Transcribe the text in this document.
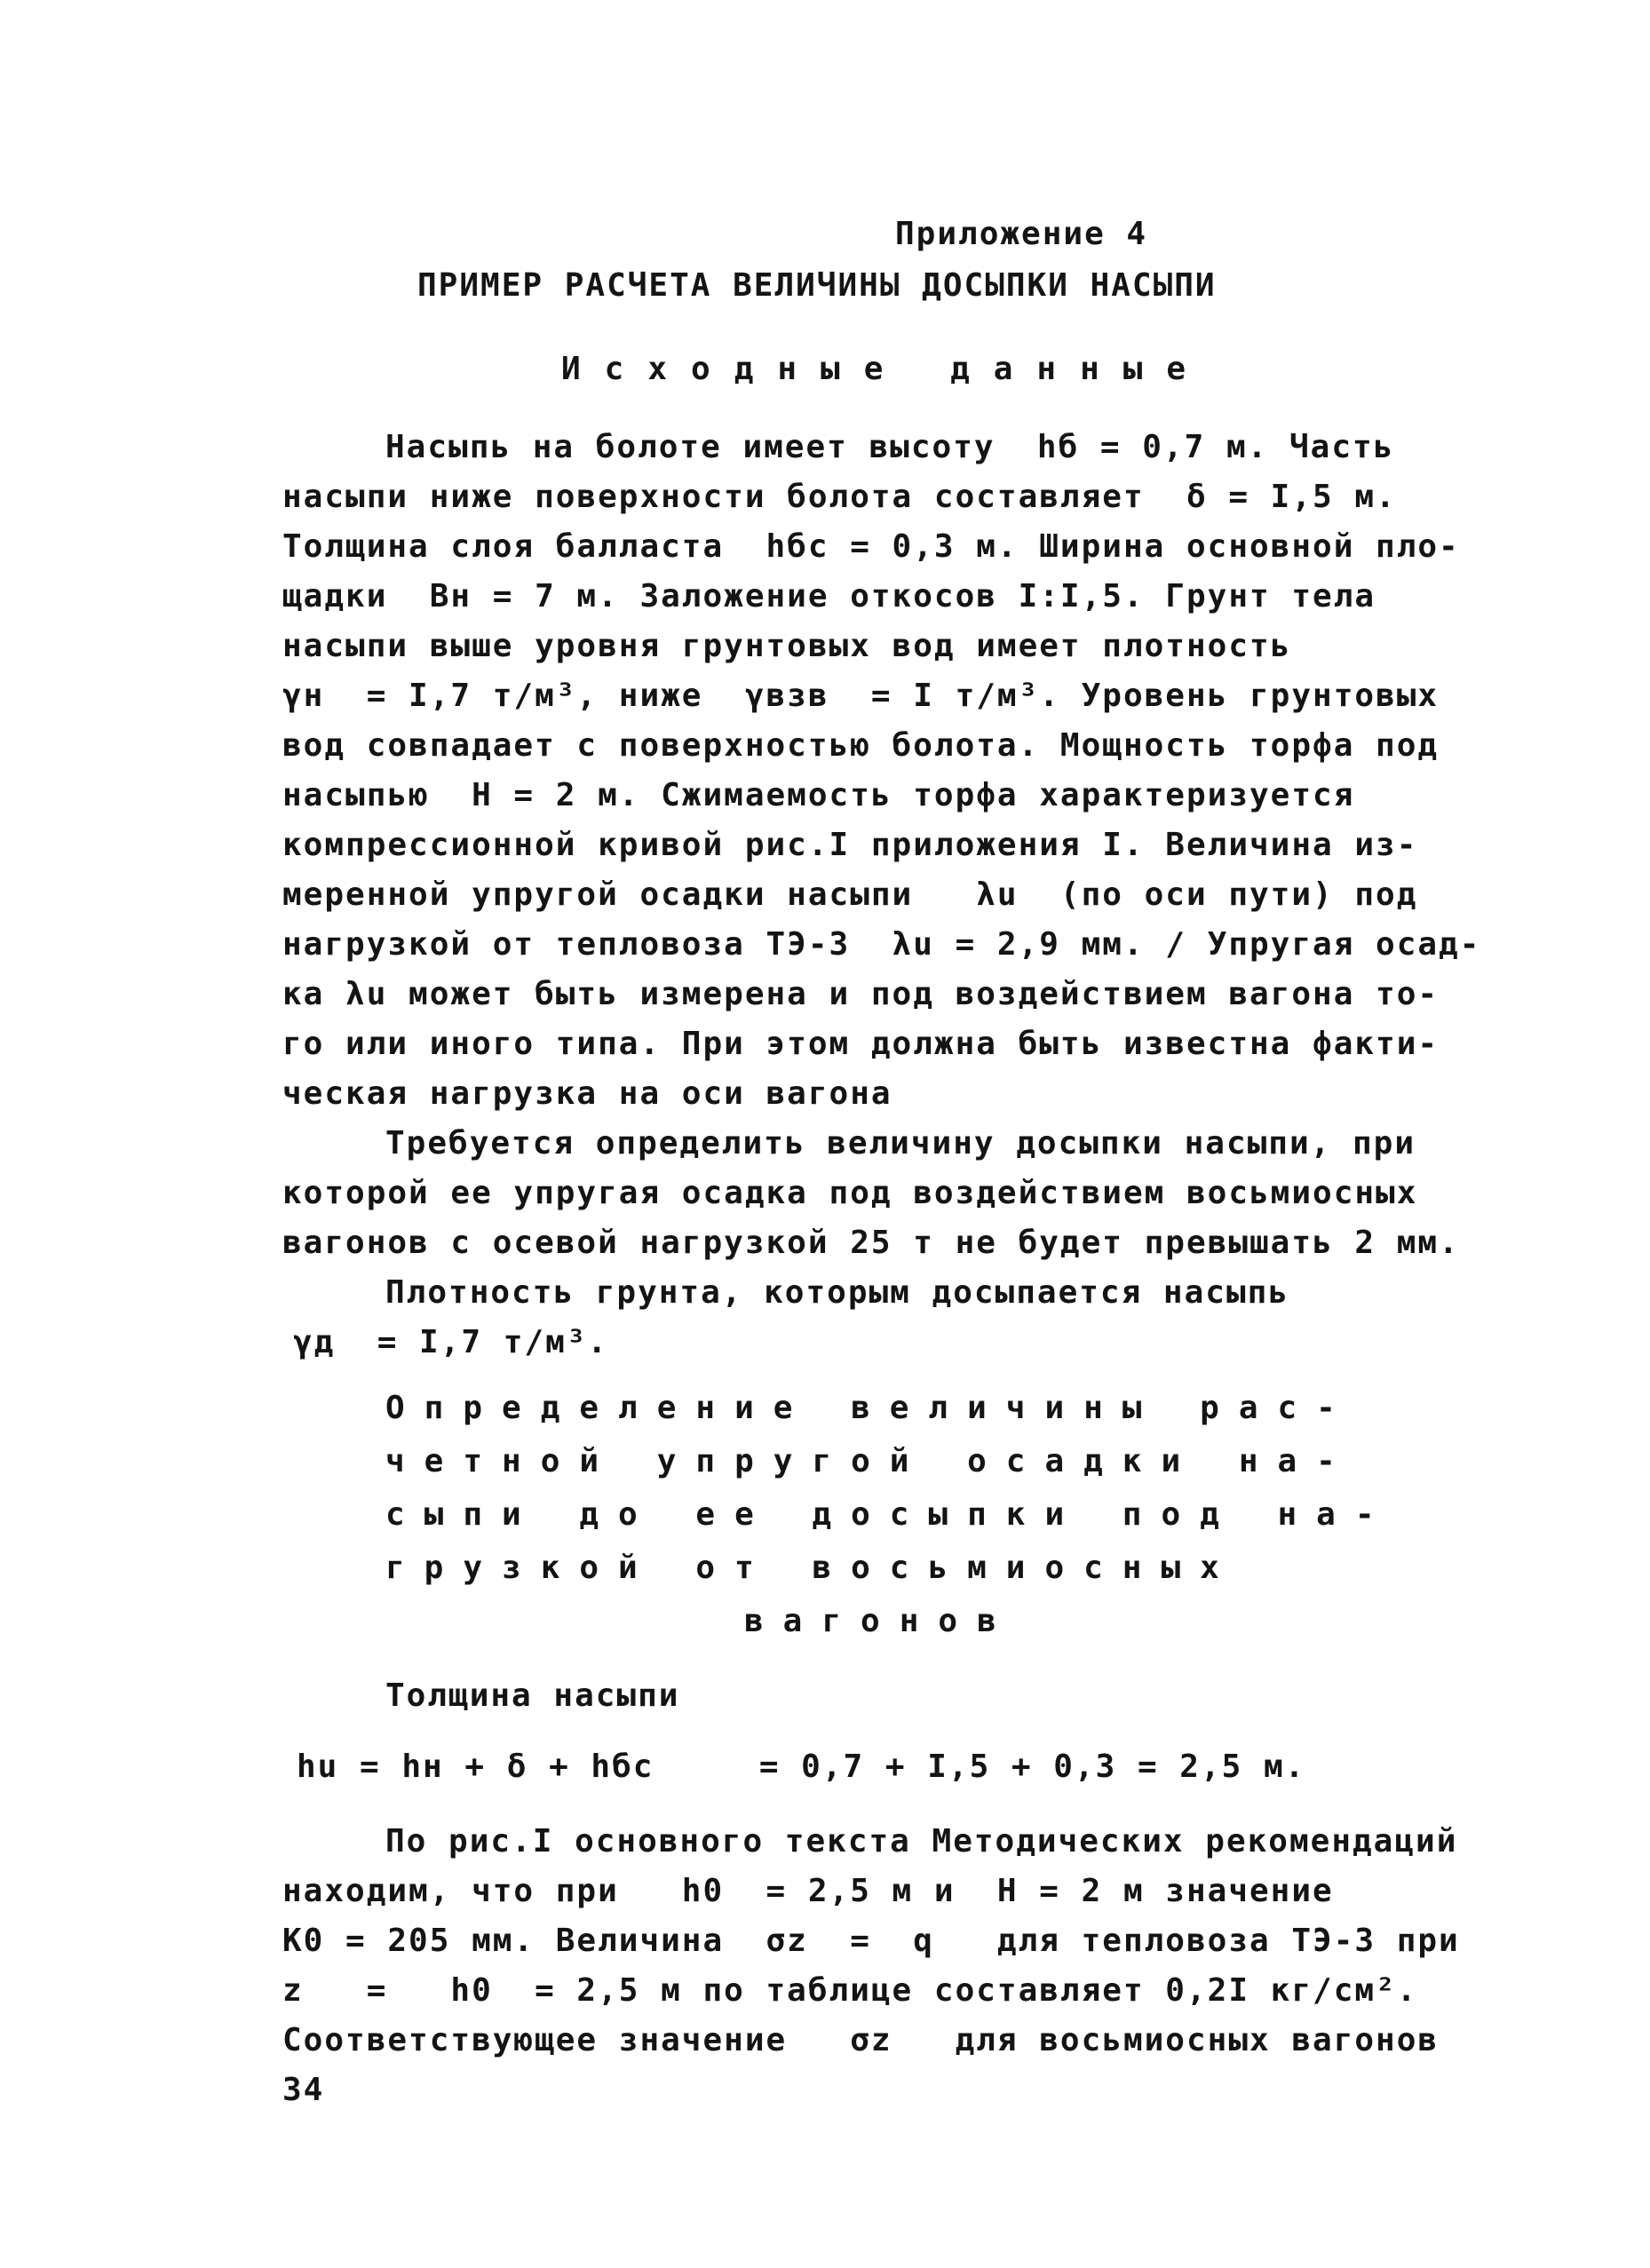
Приложение 4
ПРИМЕР РАСЧЕТА ВЕЛИЧИНЫ ДОСЫПКИ НАСЫПИ
Исходные данные
Насыпь на болоте имеет высоту  hб = 0,7 м. Часть
насыпи ниже поверхности болота составляет  δ = I,5 м.
Толщина слоя балласта  hбс = 0,3 м. Ширина основной пло-
щадки  Bн = 7 м. Заложение откосов I:I,5. Грунт тела
насыпи выше уровня грунтовых вод имеет плотность
γн  = I,7 т/м³, ниже  γвзв  = I т/м³. Уровень грунтовых
вод совпадает с поверхностью болота. Мощность торфа под
насыпью  H = 2 м. Сжимаемость торфа характеризуется
компрессионной кривой рис.I приложения I. Величина из-
меренной упругой осадки насыпи   λu  (по оси пути) под
нагрузкой от тепловоза ТЭ-3  λu = 2,9 мм. / Упругая осад-
ка λu может быть измерена и под воздействием вагона то-
го или иного типа. При этом должна быть известна факти-
ческая нагрузка на оси вагона
Требуется определить величину досыпки насыпи, при
которой ее упругая осадка под воздействием восьмиосных
вагонов с осевой нагрузкой 25 т не будет превышать 2 мм.
Плотность грунта, которым досыпается насыпь
γд  = I,7 т/м³.
Определение величины рас-
четной упругой осадки на-
сыпи до ее досыпки под на-
грузкой от восьмиосных
вагонов
Толщина насыпи
hu = hн + δ + hбс     = 0,7 + I,5 + 0,3 = 2,5 м.
По рис.I основного текста Методических рекомендаций
находим, что при   h0  = 2,5 м и  H = 2 м значение
K0 = 205 мм. Величина  σz  =  q   для тепловоза ТЭ-3 при
z   =   h0  = 2,5 м по таблице составляет 0,2I кг/см².
Соответствующее значение   σz   для восьмиосных вагонов
34
